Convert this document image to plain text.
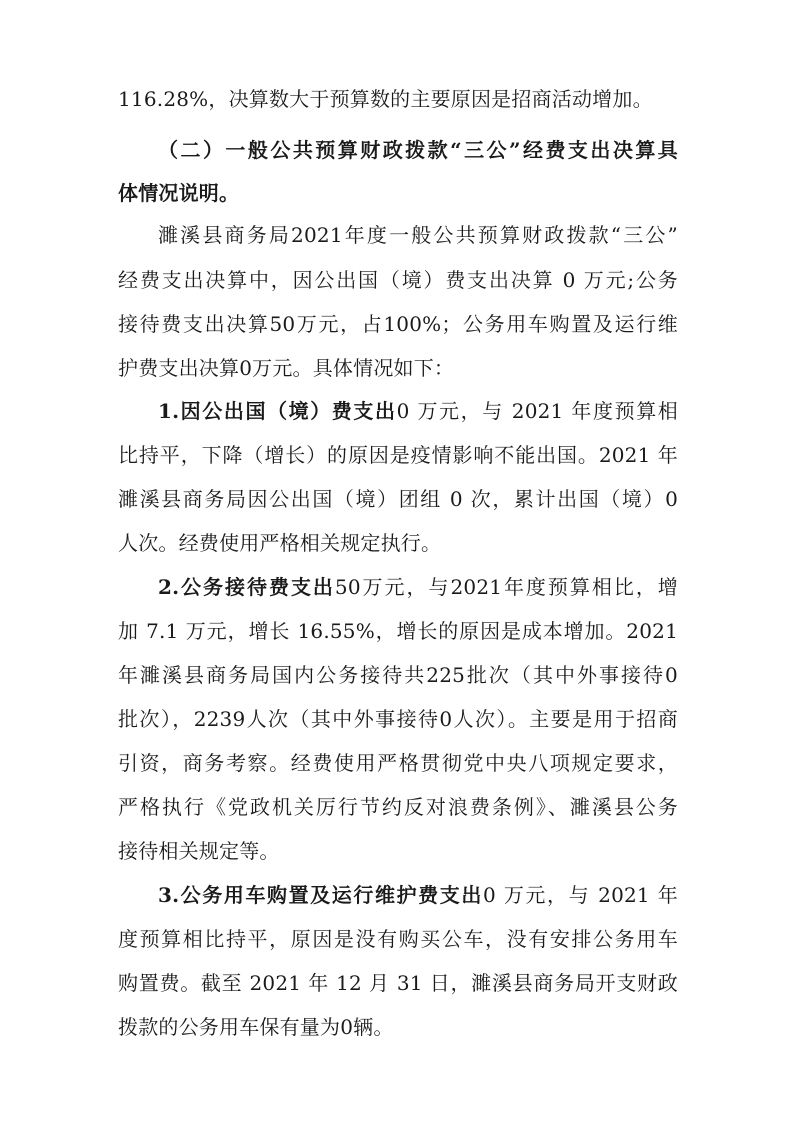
116.28%，决算数大于预算数的主要原因是招商活动增加。
（二）一般公共预算财政拨款“三公”经费支出决算具
体情况说明。
濉溪县商务局2021年度一般公共预算财政拨款“三公”
经费支出决算中，因公出国（境）费支出决算 0 万元;公务
接待费支出决算50万元，占100%；公务用车购置及运行维
护费支出决算0万元。具体情况如下：
1.因公出国（境）费支出0 万元，与 2021 年度预算相
比持平，下降（增长）的原因是疫情影响不能出国。2021 年
濉溪县商务局因公出国（境）团组 0 次，累计出国（境）0
人次。经费使用严格相关规定执行。
2.公务接待费支出50万元，与2021年度预算相比，增
加 7.1 万元，增长 16.55%，增长的原因是成本增加。2021
年濉溪县商务局国内公务接待共225批次（其中外事接待0
批次），2239人次（其中外事接待0人次）。主要是用于招商
引资，商务考察。经费使用严格贯彻党中央八项规定要求，
严格执行《党政机关厉行节约反对浪费条例》、濉溪县公务
接待相关规定等。
3.公务用车购置及运行维护费支出0 万元，与 2021 年
度预算相比持平，原因是没有购买公车，没有安排公务用车
购置费。截至 2021 年 12 月 31 日，濉溪县商务局开支财政
拨款的公务用车保有量为0辆。
